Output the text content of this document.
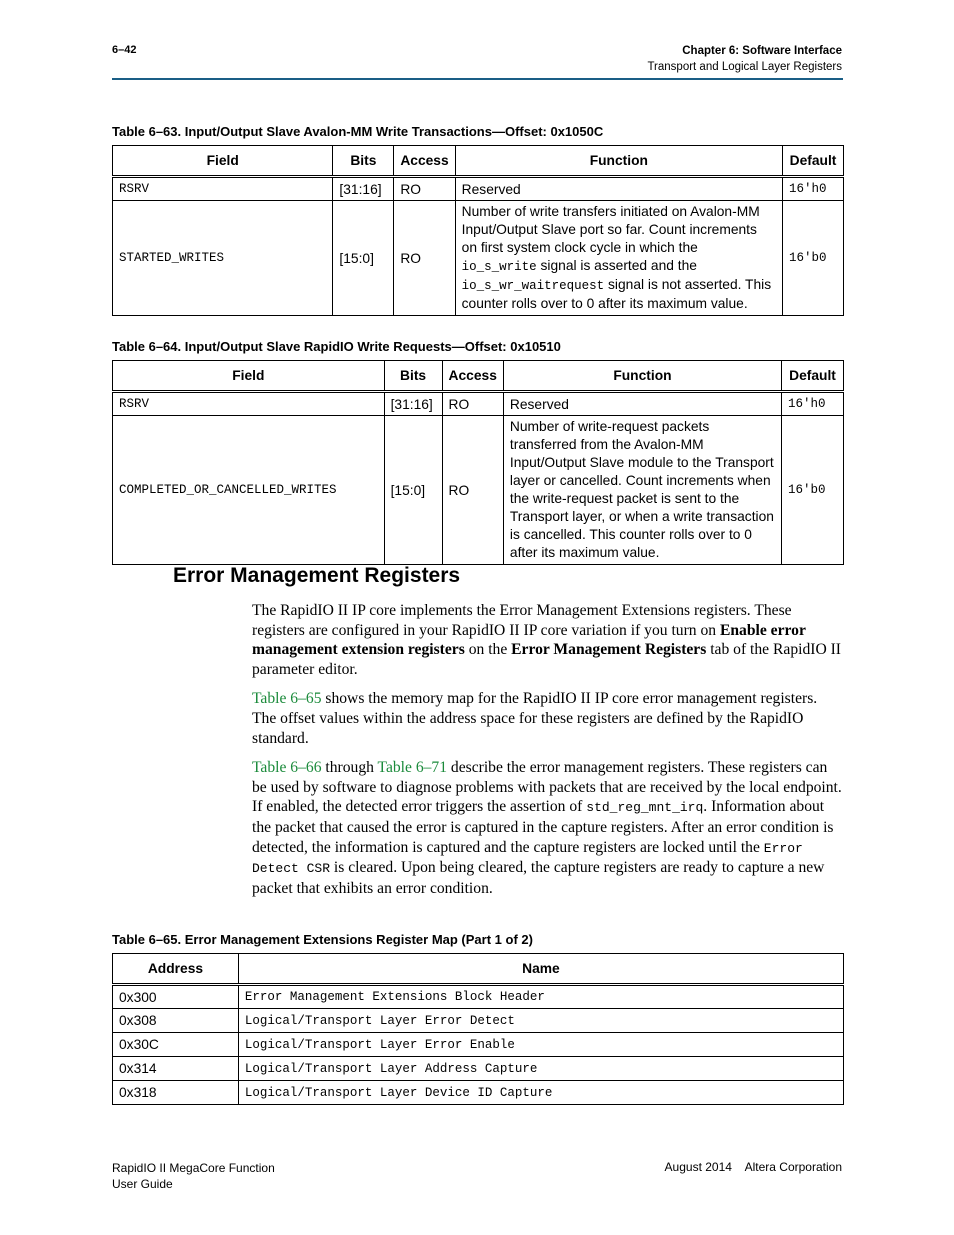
6–42	Chapter 6: Software Interface
Transport and Logical Layer Registers
Table 6–63. Input/Output Slave Avalon-MM Write Transactions—Offset: 0x1050C
Field	Bits	Access	Function	Default
RSRV	[31:16]	RO	Reserved	16'h0
STARTED_WRITES	[15:0]	RO	Number of write transfers initiated on Avalon-MM Input/Output Slave port so far. Count increments on first system clock cycle in which the io_s_write signal is asserted and the io_s_wr_waitrequest signal is not asserted. This counter rolls over to 0 after its maximum value.	16'b0
Table 6–64. Input/Output Slave RapidIO Write Requests—Offset: 0x10510
Field	Bits	Access	Function	Default
RSRV	[31:16]	RO	Reserved	16'h0
COMPLETED_OR_CANCELLED_WRITES	[15:0]	RO	Number of write-request packets transferred from the Avalon-MM Input/Output Slave module to the Transport layer or cancelled. Count increments when the write-request packet is sent to the Transport layer, or when a write transaction is cancelled. This counter rolls over to 0 after its maximum value.	16'b0
Error Management Registers

The RapidIO II IP core implements the Error Management Extensions registers. These registers are configured in your RapidIO II IP core variation if you turn on Enable error management extension registers on the Error Management Registers tab of the RapidIO II parameter editor.

Table 6–65 shows the memory map for the RapidIO II IP core error management registers. The offset values within the address space for these registers are defined by the RapidIO standard.

Table 6–66 through Table 6–71 describe the error management registers. These registers can be used by software to diagnose problems with packets that are received by the local endpoint. If enabled, the detected error triggers the assertion of std_reg_mnt_irq. Information about the packet that caused the error is captured in the capture registers. After an error condition is detected, the information is captured and the capture registers are locked until the Error Detect CSR is cleared. Upon being cleared, the capture registers are ready to capture a new packet that exhibits an error condition.

Table 6–65. Error Management Extensions Register Map (Part 1 of 2)
Address	Name
0x300	Error Management Extensions Block Header
0x308	Logical/Transport Layer Error Detect
0x30C	Logical/Transport Layer Error Enable
0x314	Logical/Transport Layer Address Capture
0x318	Logical/Transport Layer Device ID Capture
RapidIO II MegaCore Function
User Guide
August 2014    Altera Corporation
